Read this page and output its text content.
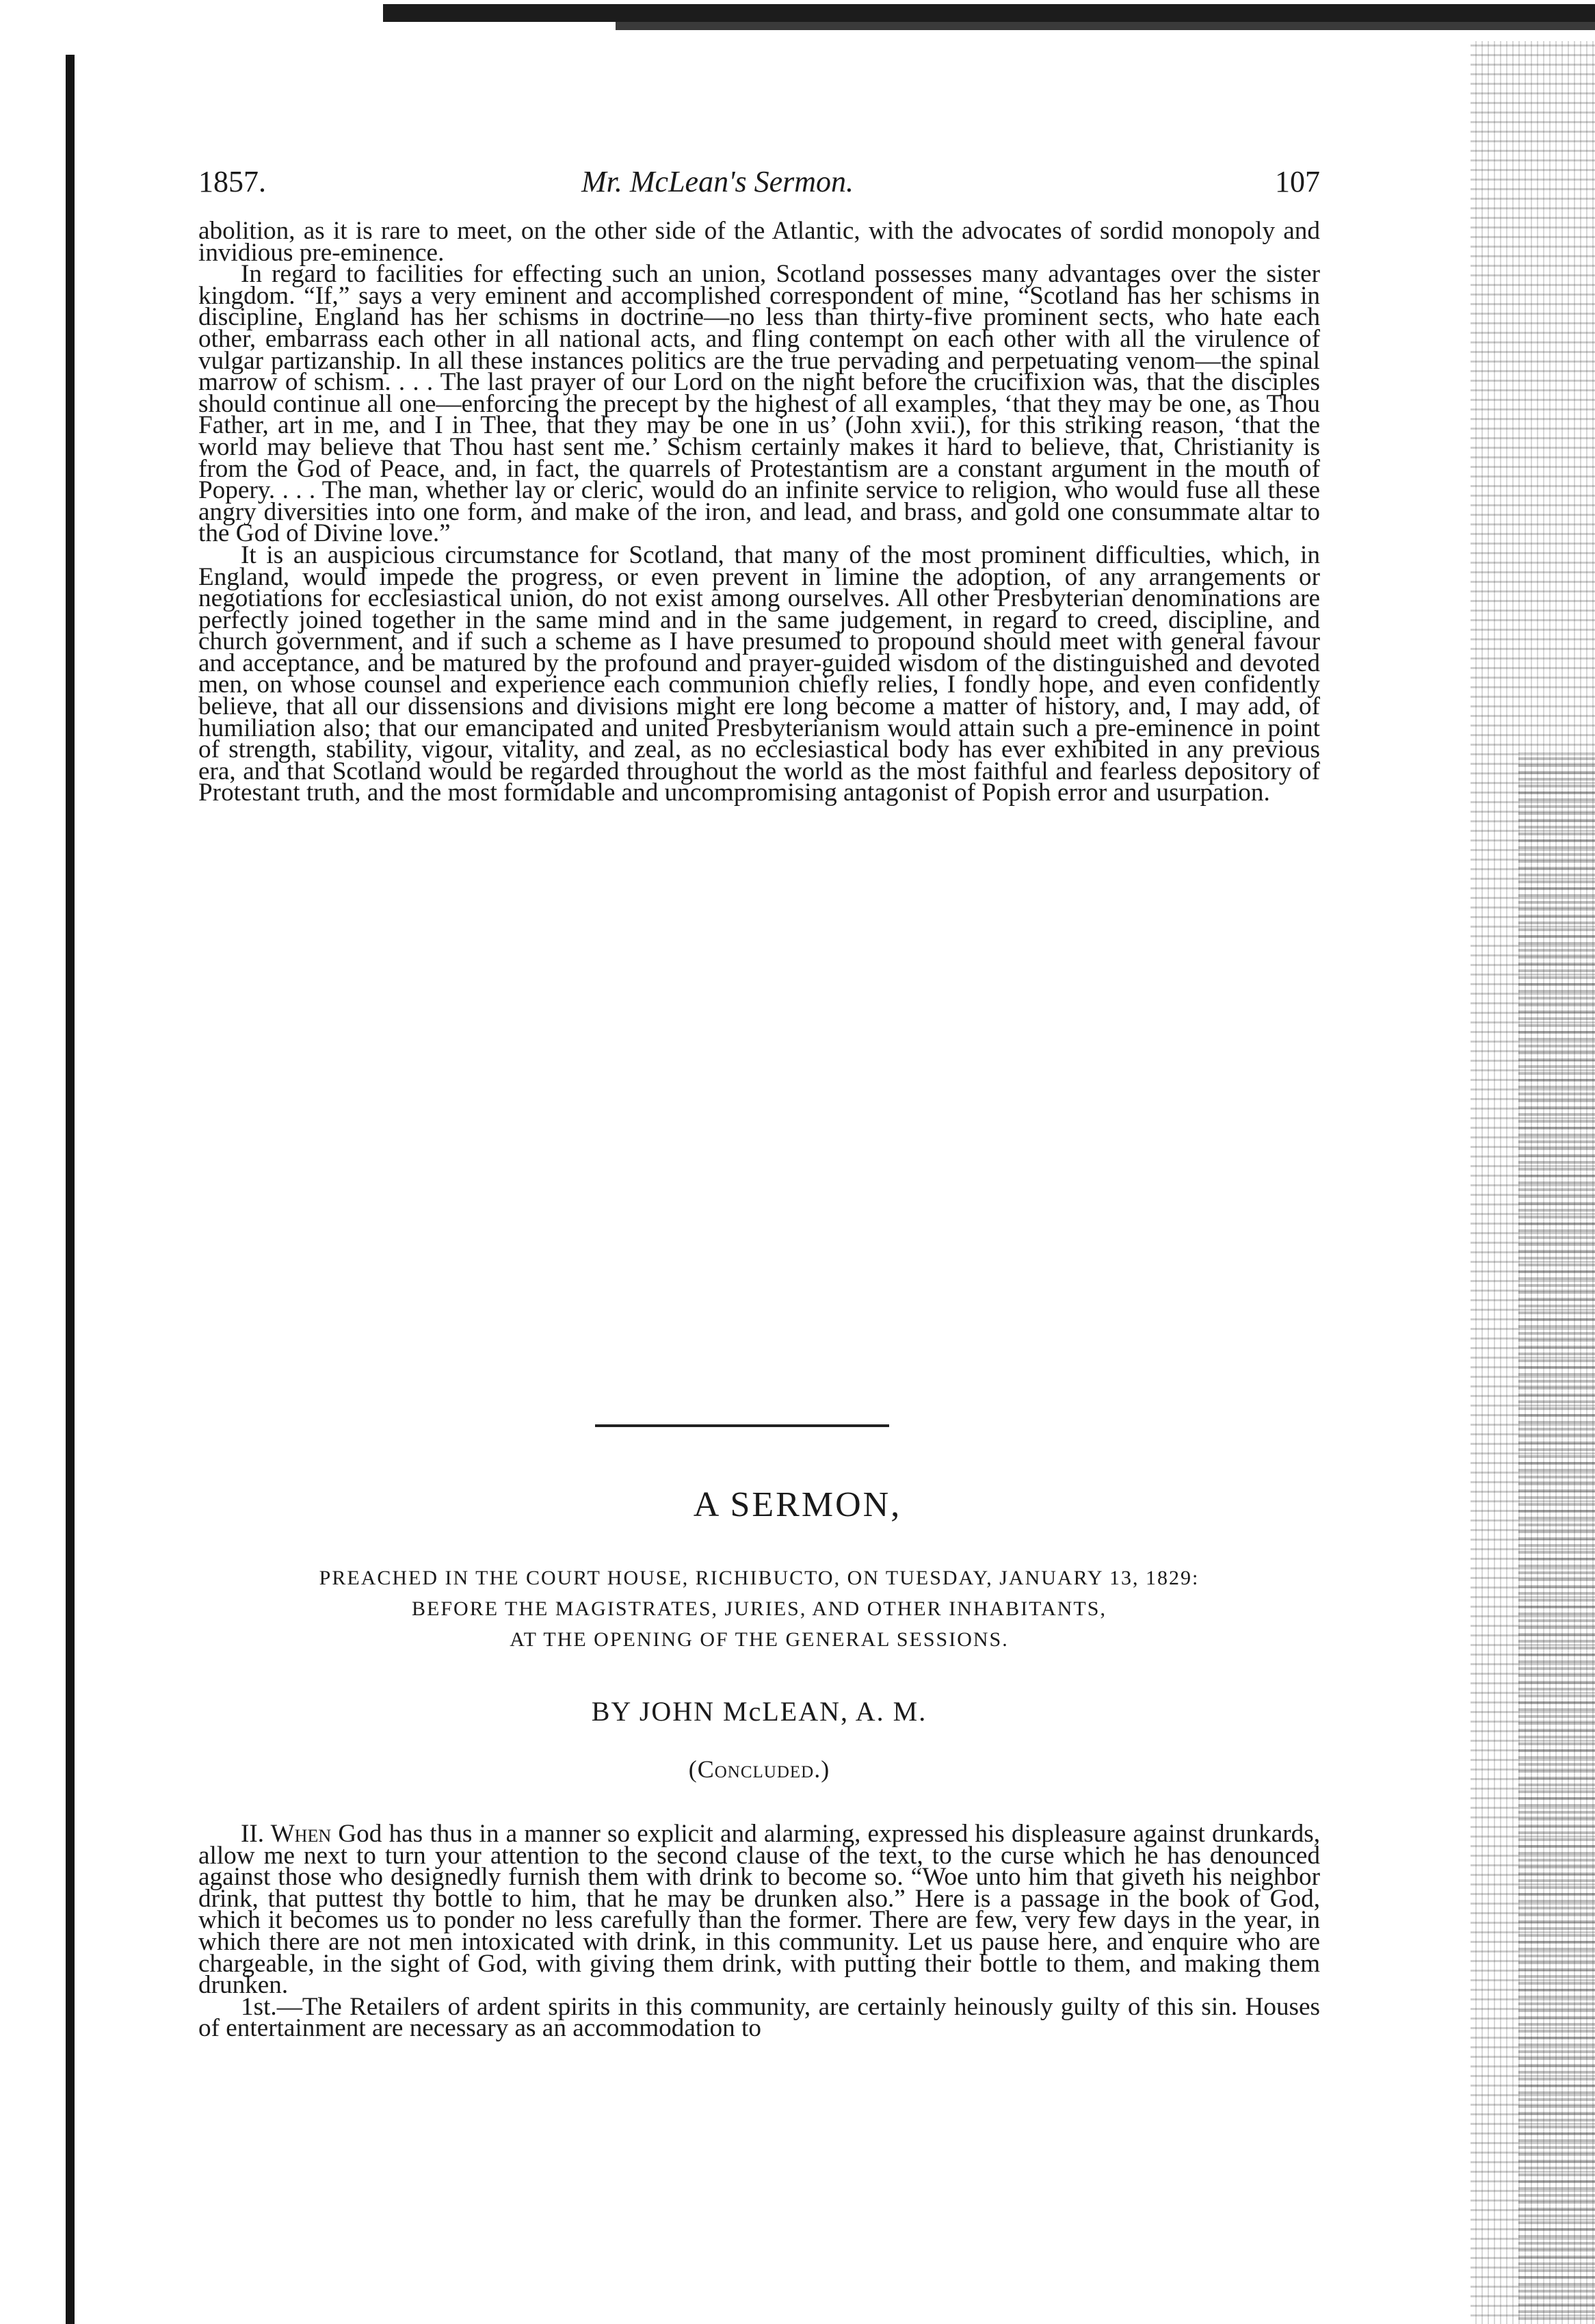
1857.	Mr. McLean's Sermon.	107

abolition, as it is rare to meet, on the other side of the Atlantic, with the advocates of sordid monopoly and invidious pre-eminence.

In regard to facilities for effecting such an union, Scotland possesses many advantages over the sister kingdom. “If,” says a very eminent and accomplished correspondent of mine, “Scotland has her schisms in discipline, England has her schisms in doctrine—no less than thirty-five prominent sects, who hate each other, embarrass each other in all national acts, and fling contempt on each other with all the virulence of vulgar partizanship. In all these instances politics are the true pervading and perpetuating venom—the spinal marrow of schism. . . . The last prayer of our Lord on the night before the crucifixion was, that the disciples should continue all one—enforcing the precept by the highest of all examples, ‘that they may be one, as Thou Father, art in me, and I in Thee, that they may be one in us’ (John xvii.), for this striking reason, ‘that the world may believe that Thou hast sent me.’ Schism certainly makes it hard to believe, that, Christianity is from the God of Peace, and, in fact, the quarrels of Protestantism are a constant argument in the mouth of Popery. . . . The man, whether lay or cleric, would do an infinite service to religion, who would fuse all these angry diversities into one form, and make of the iron, and lead, and brass, and gold one consummate altar to the God of Divine love.”

It is an auspicious circumstance for Scotland, that many of the most prominent difficulties, which, in England, would impede the progress, or even prevent in limine the adoption, of any arrangements or negotiations for ecclesiastical union, do not exist among ourselves. All other Presbyterian denominations are perfectly joined together in the same mind and in the same judgement, in regard to creed, discipline, and church government, and if such a scheme as I have presumed to propound should meet with general favour and acceptance, and be matured by the profound and prayer-guided wisdom of the distinguished and devoted men, on whose counsel and experience each communion chiefly relies, I fondly hope, and even confidently believe, that all our dissensions and divisions might ere long become a matter of history, and, I may add, of humiliation also; that our emancipated and united Presbyterianism would attain such a pre-eminence in point of strength, stability, vigour, vitality, and zeal, as no ecclesiastical body has ever exhibited in any previous era, and that Scotland would be regarded throughout the world as the most faithful and fearless depository of Protestant truth, and the most formidable and uncompromising antagonist of Popish error and usurpation.

A SERMON,
PREACHED IN THE COURT HOUSE, RICHIBUCTO, ON TUESDAY, JANUARY 13, 1829:
BEFORE THE MAGISTRATES, JURIES, AND OTHER INHABITANTS,
AT THE OPENING OF THE GENERAL SESSIONS.
BY JOHN McLEAN, A. M.
(Concluded.)

II. When God has thus in a manner so explicit and alarming, expressed his displeasure against drunkards, allow me next to turn your attention to the second clause of the text, to the curse which he has denounced against those who designedly furnish them with drink to become so. “Woe unto him that giveth his neighbor drink, that puttest thy bottle to him, that he may be drunken also.” Here is a passage in the book of God, which it becomes us to ponder no less carefully than the former. There are few, very few days in the year, in which there are not men intoxicated with drink, in this community. Let us pause here, and enquire who are chargeable, in the sight of God, with giving them drink, with putting their bottle to them, and making them drunken.

1st.—The Retailers of ardent spirits in this community, are certainly heinously guilty of this sin. Houses of entertainment are necessary as an accommodation to
